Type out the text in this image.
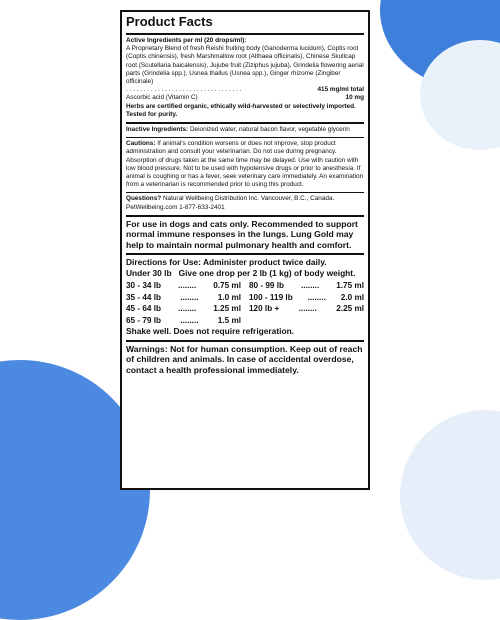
Product Facts
Active Ingredients per ml (20 drops/ml):
A Proprietary Blend of fresh Reishi fruiting body (Ganoderma lucidum), Coptis root (Coptis chinensis), fresh Marshmallow root (Althaea officinalis), Chinese Skullcap root (Scutellaria baicalensis), Jujube fruit (Ziziphus jujuba), Grindelia flowering aerial parts (Grindelia spp.), Usnea thallus (Usnea spp.), Ginger rhizome (Zingiber officinale)
. . . . . . . . . . . . . . . . . . . . . . . . . . . . . . . . .	415 mg/ml total
Ascorbic acid (Vitamin C)	10 mg
Herbs are certified organic, ethically wild-harvested or selectively imported. Tested for purity.
Inactive Ingredients: Deionized water, natural bacon flavor, vegetable glycerin
Cautions: If animal's condition worsens or does not improve, stop product administration and consult your veterinarian. Do not use during pregnancy. Absorption of drugs taken at the same time may be delayed. Use with caution with low blood pressure. Not to be used with hypotensive drugs or prior to anesthesia. If animal is coughing or has a fever, seek veterinary care immediately. An examination from a veterinarian is recommended prior to using this product.
Questions? Natural Wellbeing Distribution Inc. Vancouver, B.C., Canada.
PetWellbeing.com 1-877-633-2401
For use in dogs and cats only. Recommended to support normal immune responses in the lungs. Lung Gold may help to maintain normal pulmonary health and comfort.
Directions for Use: Administer product twice daily.
Under 30 lb Give one drop per 2 lb (1 kg) of body weight.
30 - 34 lb ........ 0.75 ml
35 - 44 lb ........ 1.0 ml
45 - 64 lb ........ 1.25 ml
65 - 79 lb ........ 1.5 ml
80 - 99 lb ........ 1.75 ml
100 - 119 lb ........ 2.0 ml
120 lb + ........ 2.25 ml
Shake well. Does not require refrigeration.
Warnings: Not for human consumption. Keep out of reach of children and animals. In case of accidental overdose, contact a health professional immediately.
